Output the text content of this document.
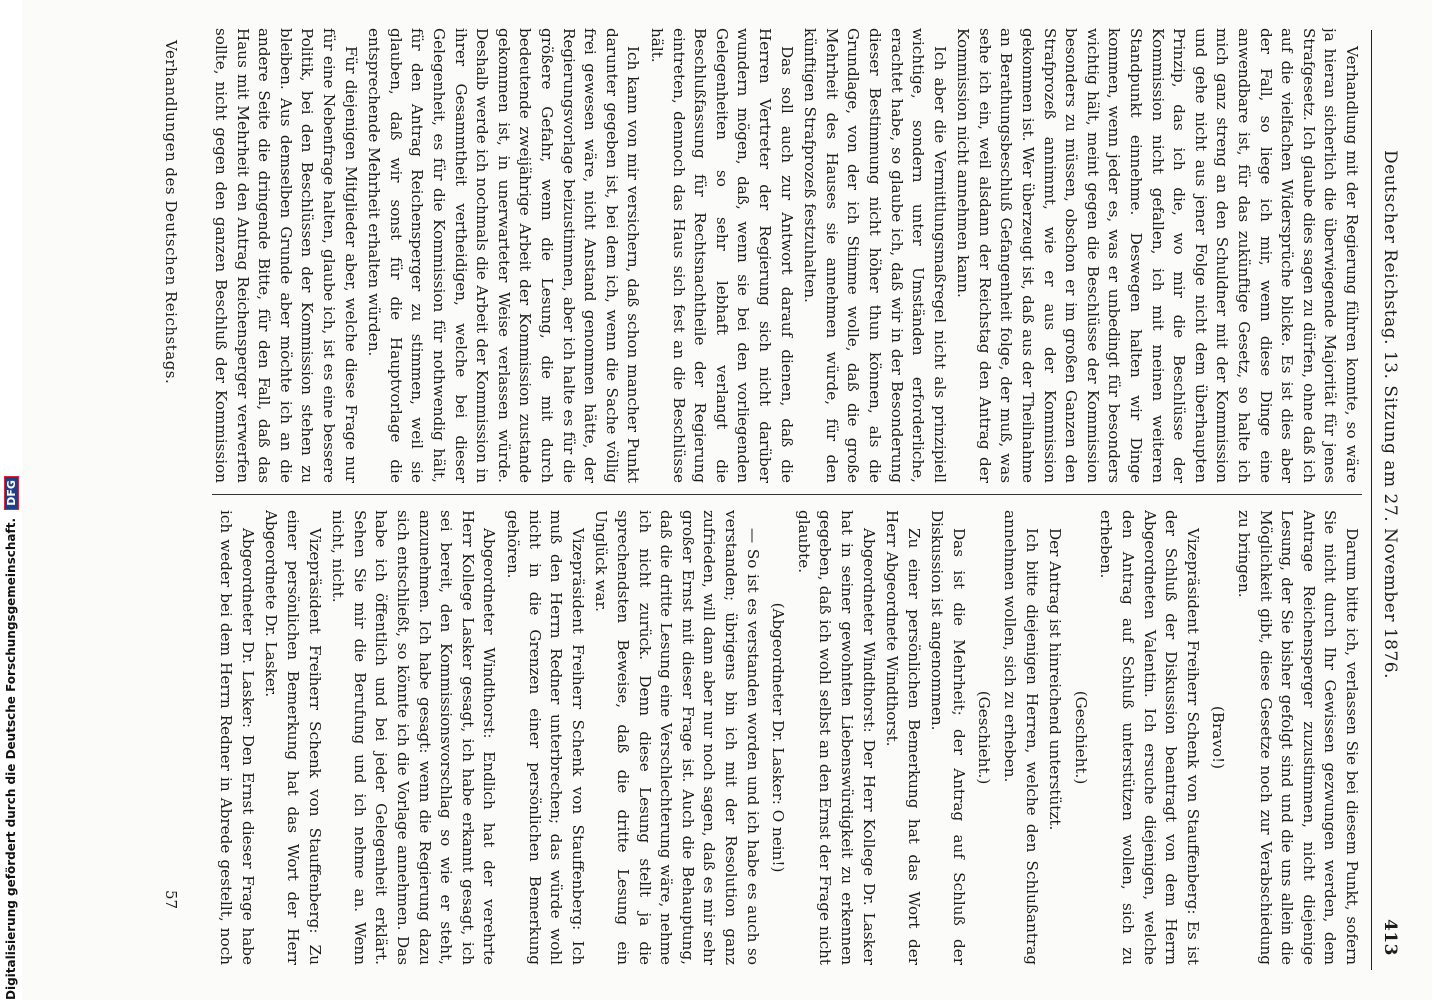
Deutscher Reichstag. 13. Sitzung am 27. November 1876.
413

Verhandlung mit der Regierung führen konnte, so wäre ja hieran sicherlich die überwiegende Majorität für jenes Strafgesetz. Ich glaube dies sagen zu dürfen, ohne daß ich auf die vielfachen Widersprüche blicke. Es ist dies aber der Fall, so liege ich mir, wenn diese Dinge eine anwendbare ist, für das zukünftige Gesetz, so halte ich mich ganz streng an den Schuldner mit der Kommission und gehe nicht aus jener Folge nicht dem überhaupten Prinzip, das ich die, wo mir die Beschlüsse der Kommission nicht gefallen, ich mit meinen weiteren Standpunkt einnehme. Deswegen halten wir Dinge kommen, wenn jeder es, was er unbedingt für besonders wichtig hält, meint gegen die Beschlüsse der Kommission besonders zu müssen, obschon er im großen Ganzen den Strafprozeß annimmt, wie er aus der Kommission gekommen ist. Wer überzeugt ist, daß aus der Theilnahme an Berathungsbeschluß Gefangenheit folge, der muß, was sehe ich ein, weil alsdann der Reichstag den Antrag der Kommission nicht annehmen kann.

Ich aber die Vermittlungsmaßregel nicht als prinzipiell wichtige, sondern unter Umständen erforderliche, erachtet habe, so glaube ich, daß wir in der Besonderung dieser Bestimmung nicht höher thun können, als die Grundlage, von der ich Stimme wolle, daß die große Mehrheit des Hauses sie annehmen würde, für den künftigen Strafprozeß festzuhalten.

Das soll auch zur Antwort darauf dienen, daß die Herren Vertreter der Regierung sich nicht darüber wundern mögen, daß, wenn sie bei den vorliegenden Gelegenheiten so sehr lebhaft verlangt die Beschlußfassung für Rechtsnachtheile der Regierung eintreten, dennoch das Haus sich fest an die Beschlüsse hält.

Ich kann von mir versichern, daß schon mancher Punkt darunter gegeben ist, bei dem ich, wenn die Sache völlig frei gewesen wäre, nicht Anstand genommen hätte, der Regierungsvorlage beizustimmen, aber ich halte es für die größere Gefahr, wenn die Lesung, die mit durch bedeutende zweijährige Arbeit der Kommission zustande gekommen ist, in unerwarteter Weise verlassen würde. Deshalb werde ich nochmals die Arbeit der Kommission in ihrer Gesammtheit vertheidigen, welche bei dieser Gelegenheit, es für die Kommission für nothwendig hält, für den Antrag Reichensperger zu stimmen, weil sie glauben, daß wir sonst für die Hauptvorlage die entsprechende Mehrheit erhalten würden.

Für diejenigen Mitglieder aber, welche diese Frage nur für eine Nebenfrage halten, glaube ich, ist es eine bessere Politik, bei den Beschlüssen der Kommission stehen zu bleiben. Aus demselben Grunde aber möchte ich an die andere Seite die dringende Bitte, für den Fall, daß das Haus mit Mehrheit den Antrag Reichensperger verwerfen sollte, nicht gegen den ganzen Beschluß der Kommission

Darum bitte ich, verlassen Sie bei diesem Punkt, sofern Sie nicht durch Ihr Gewissen gezwungen werden, dem Antrage Reichensperger zuzustimmen, nicht diejenige Lesung, der Sie bisher gefolgt sind und die uns allein die Möglichkeit gibt, diese Gesetze noch zur Verabschiedung zu bringen.

(Bravo!)

Vizepräsident Freiherr Schenk von Stauffenberg: Es ist der Schluß der Diskussion beantragt von dem Herrn Abgeordneten Valentin. Ich ersuche diejenigen, welche den Antrag auf Schluß unterstützen wollen, sich zu erheben.

(Geschieht.)

Der Antrag ist hinreichend unterstützt.

Ich bitte diejenigen Herren, welche den Schlußantrag annehmen wollen, sich zu erheben.

(Geschieht.)

Das ist die Mehrheit; der Antrag auf Schluß der Diskussion ist angenommen.

Zu einer persönlichen Bemerkung hat das Wort der Herr Abgeordnete Windthorst.

Abgeordneter Windthorst: Der Herr Kollege Dr. Lasker hat in seiner gewohnten Liebenswürdigkeit zu erkennen gegeben, daß ich wohl selbst an den Ernst der Frage nicht glaubte.

(Abgeordneter Dr. Lasker: O nein!)

— So ist es verstanden worden und ich habe es auch so verstanden; übrigens bin ich mit der Resolution ganz zufrieden, will dann aber nur noch sagen, daß es mir sehr großer Ernst mit dieser Frage ist. Auch die Behauptung, daß die dritte Lesung eine Verschlechterung wäre, nehme ich nicht zurück. Denn diese Lesung stellt ja die sprechendsten Beweise, daß die dritte Lesung ein Unglück war.

Vizepräsident Freiherr Schenk von Stauffenberg: Ich muß den Herrn Redner unterbrechen; das würde wohl nicht in die Grenzen einer persönlichen Bemerkung gehören.

Abgeordneter Windthorst: Endlich hat der verehrte Herr Kollege Lasker gesagt, ich habe erkannt gesagt, ich sei bereit, den Kommissionsvorschlag so wie er steht, anzunehmen. Ich habe gesagt: wenn die Regierung dazu sich entschließt, so könnte ich die Vorlage annehmen. Das habe ich öffentlich und bei jeder Gelegenheit erklärt. Sehen Sie mir die Berufung und ich nehme an. Wenn nicht, nicht.

Vizepräsident Freiherr Schenk von Stauffenberg: Zu einer persönlichen Bemerkung hat das Wort der Herr Abgeordnete Dr. Lasker.

Abgeordneter Dr. Lasker: Den Ernst dieser Frage habe ich weder bei dem Herrn Redner in Abrede gestellt, noch

Verhandlungen des Deutschen Reichstags.
57
Digitalisierung gefördert durch die Deutsche Forschungsgemeinschaft. DFG
